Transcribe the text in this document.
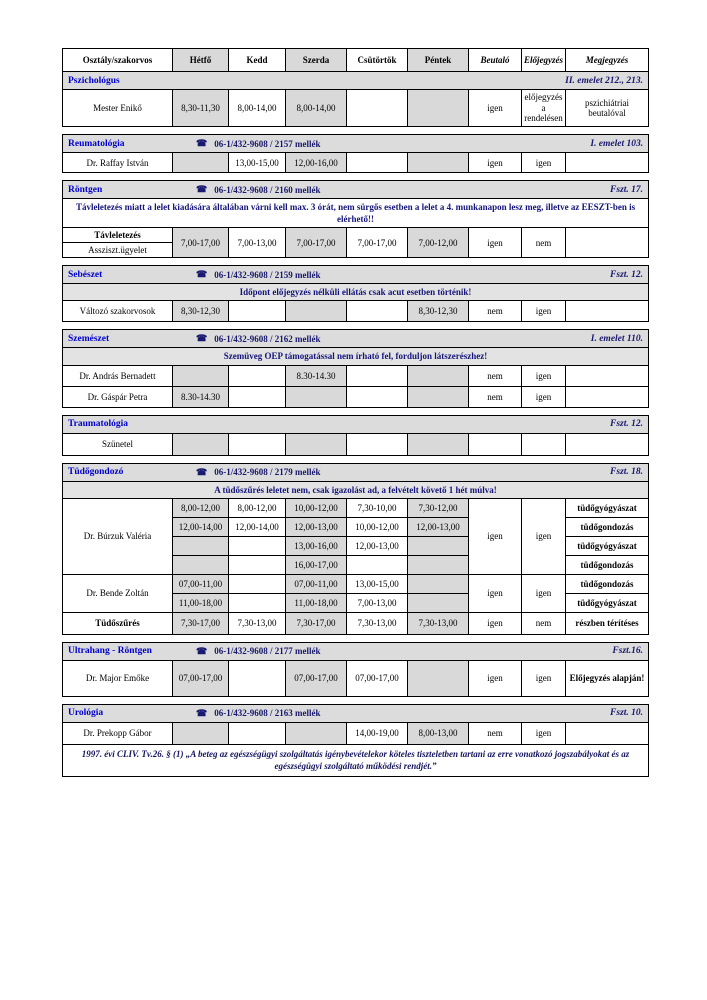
Osztály/szakorvos	Hétfő	Kedd	Szerda	Csütörtök	Péntek	Beutaló	Előjegyzés	Megjegyzés

Pszichológus II. emelet 212., 213.								

Mester Enikő	8,30-11,30	8,00-14,00	8,00-14,00			igen	előjegyzés a rendelésen	pszichiátriai beutalóval
Reumatológia	☎ 06-1/432-9608 / 2157 mellék	I. emelet 103.

Dr. Raffay István		13,00-15,00	12,00-16,00			igen	igen	
Röntgen	☎ 06-1/432-9608 / 2160 mellék	Fszt. 17.

Távleletezés miatt a lelet kiadására általában várni kell max. 3 órát, nem sürgős esetben a lelet a 4. munkanapon lesz meg, illetve az EESZT-ben is elérhető!!
Távleletezés	7,00-17,00	7,00-13,00	7,00-17,00	7,00-17,00	7,00-12,00	igen	nem	
Assziszt.ügyelet
Sebészet	☎ 06-1/432-9608 / 2159 mellék	Fszt. 12.

Időpont előjegyzés nélküli ellátás csak acut esetben történik!
Változó szakorvosok	8,30-12,30				8,30-12,30	nem	igen	
Szemészet ☎ 06-1/432-9608 / 2162 mellék I. emelet 110.								

Szemüveg OEP támogatással nem írható fel, forduljon látszerészhez!								
Dr. András Bernadett			8.30-14.30			nem	igen	
Dr. Gáspár Petra	8.30-14.30					nem	igen	
Traumatológia	Fszt. 12.

Szünetel								
Tüdőgondozó ☎ 06-1/432-9608 / 2179 mellék Fszt. 18.								

A tüdőszűrés leletet nem, csak igazolást ad, a felvételt követő 1 hét múlva!								
Dr. Búrzuk Valéria	8,00-12,00	8,00-12,00	10,00-12,00	7,30-10,00	7,30-12,00	igen	igen	tüdőgyógyászat
	12,00-14,00	12,00-14,00	12,00-13,00	10,00-12,00	12,00-13,00			tüdőgondozás
			13,00-16,00	12,00-13,00				tüdőgyógyászat
			16,00-17,00					tüdőgondozás
Dr. Bende Zoltán	07,00-11,00		07,00-11,00	13,00-15,00		igen	igen	tüdőgondozás
	11,00-18,00		11,00-18,00	7,00-13,00				tüdőgyógyászat
Tüdőszűrés	7,30-17,00	7,30-13,00	7,30-17,00	7,30-13,00	7,30-13,00	igen	nem	részben térítéses
Ultrahang - Röntgen	☎ 06-1/432-9608 / 2177 mellék	Fszt.16.

Dr. Major Emőke	07,00-17,00		07,00-17,00	07,00-17,00		igen	igen	Előjegyzés alapján!
Urológia	☎ 06-1/432-9608 / 2163 mellék	Fszt. 10.

Dr. Prekopp Gábor				14,00-19,00	8,00-13,00	nem	igen	
1997. évi CLIV. Tv.26. § (1) „A beteg az egészségügyi szolgáltatás igénybevételekor köteles tiszteletben tartani az erre vonatkozó jogszabályokat és az egészségügyi szolgáltató működési rendjét.”
